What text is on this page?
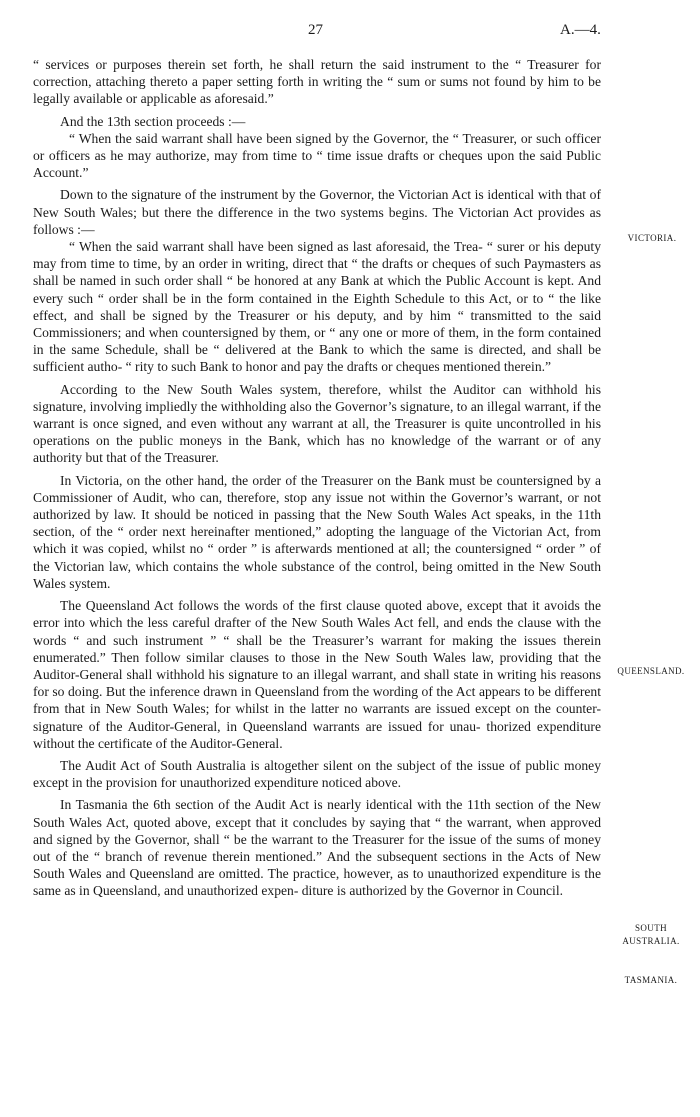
27	A.—4.

“ services or purposes therein set forth, he shall return the said instrument to the “ Treasurer for correction, attaching thereto a paper setting forth in writing the “ sum or sums not found by him to be legally available or applicable as aforesaid.”

And the 13th section proceeds :—

“ When the said warrant shall have been signed by the Governor, the “ Treasurer, or such officer or officers as he may authorize, may from time to “ time issue drafts or cheques upon the said Public Account.”

Down to the signature of the instrument by the Governor, the Victorian Act is identical with that of New South Wales; but there the difference in the two systems begins. The Victorian Act provides as follows :—

“ When the said warrant shall have been signed as last aforesaid, the Trea- “ surer or his deputy may from time to time, by an order in writing, direct that “ the drafts or cheques of such Paymasters as shall be named in such order shall “ be honored at any Bank at which the Public Account is kept. And every such “ order shall be in the form contained in the Eighth Schedule to this Act, or to “ the like effect, and shall be signed by the Treasurer or his deputy, and by him “ transmitted to the said Commissioners; and when countersigned by them, or “ any one or more of them, in the form contained in the same Schedule, shall be “ delivered at the Bank to which the same is directed, and shall be sufficient autho- “ rity to such Bank to honor and pay the drafts or cheques mentioned therein.”

According to the New South Wales system, therefore, whilst the Auditor can withhold his signature, involving impliedly the withholding also the Governor’s signature, to an illegal warrant, if the warrant is once signed, and even without any warrant at all, the Treasurer is quite uncontrolled in his operations on the public moneys in the Bank, which has no knowledge of the warrant or of any authority but that of the Treasurer.

In Victoria, on the other hand, the order of the Treasurer on the Bank must be countersigned by a Commissioner of Audit, who can, therefore, stop any issue not within the Governor’s warrant, or not authorized by law. It should be noticed in passing that the New South Wales Act speaks, in the 11th section, of the “ order next hereinafter mentioned,” adopting the language of the Victorian Act, from which it was copied, whilst no “ order ” is afterwards mentioned at all; the countersigned “ order ” of the Victorian law, which contains the whole substance of the control, being omitted in the New South Wales system.

The Queensland Act follows the words of the first clause quoted above, except that it avoids the error into which the less careful drafter of the New South Wales Act fell, and ends the clause with the words “ and such instrument ” “ shall be the Treasurer’s warrant for making the issues therein enumerated.” Then follow similar clauses to those in the New South Wales law, providing that the Auditor-General shall withhold his signature to an illegal warrant, and shall state in writing his reasons for so doing. But the inference drawn in Queensland from the wording of the Act appears to be different from that in New South Wales; for whilst in the latter no warrants are issued except on the counter- signature of the Auditor-General, in Queensland warrants are issued for unau- thorized expenditure without the certificate of the Auditor-General.

The Audit Act of South Australia is altogether silent on the subject of the issue of public money except in the provision for unauthorized expenditure noticed above.

In Tasmania the 6th section of the Audit Act is nearly identical with the 11th section of the New South Wales Act, quoted above, except that it concludes by saying that “ the warrant, when approved and signed by the Governor, shall “ be the warrant to the Treasurer for the issue of the sums of money out of the “ branch of revenue therein mentioned.” And the subsequent sections in the Acts of New South Wales and Queensland are omitted. The practice, however, as to unauthorized expenditure is the same as in Queensland, and unauthorized expen- diture is authorized by the Governor in Council.

VICTORIA.
QUEENSLAND.
SOUTH
AUSTRALIA.
TASMANIA.
